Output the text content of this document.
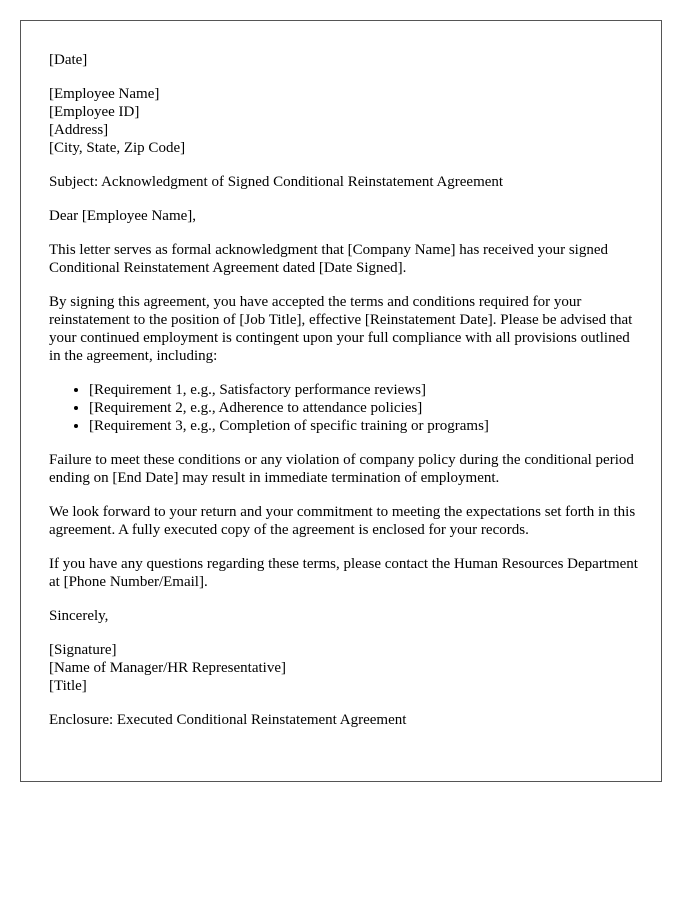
[Date]

[Employee Name]

[Employee ID]

[Address]

[City, State, Zip Code]

Subject: Acknowledgment of Signed Conditional Reinstatement Agreement

Dear [Employee Name],

This letter serves as formal acknowledgment that [Company Name] has received your signed Conditional Reinstatement Agreement dated [Date Signed].

By signing this agreement, you have accepted the terms and conditions required for your reinstatement to the position of [Job Title], effective [Reinstatement Date]. Please be advised that your continued employment is contingent upon your full compliance with all provisions outlined in the agreement, including:

• [Requirement 1, e.g., Satisfactory performance reviews]
• [Requirement 2, e.g., Adherence to attendance policies]
• [Requirement 3, e.g., Completion of specific training or programs]

Failure to meet these conditions or any violation of company policy during the conditional period ending on [End Date] may result in immediate termination of employment.

We look forward to your return and your commitment to meeting the expectations set forth in this agreement. A fully executed copy of the agreement is enclosed for your records.

If you have any questions regarding these terms, please contact the Human Resources Department at [Phone Number/Email].

Sincerely,

[Signature]

[Name of Manager/HR Representative]

[Title]

Enclosure: Executed Conditional Reinstatement Agreement
